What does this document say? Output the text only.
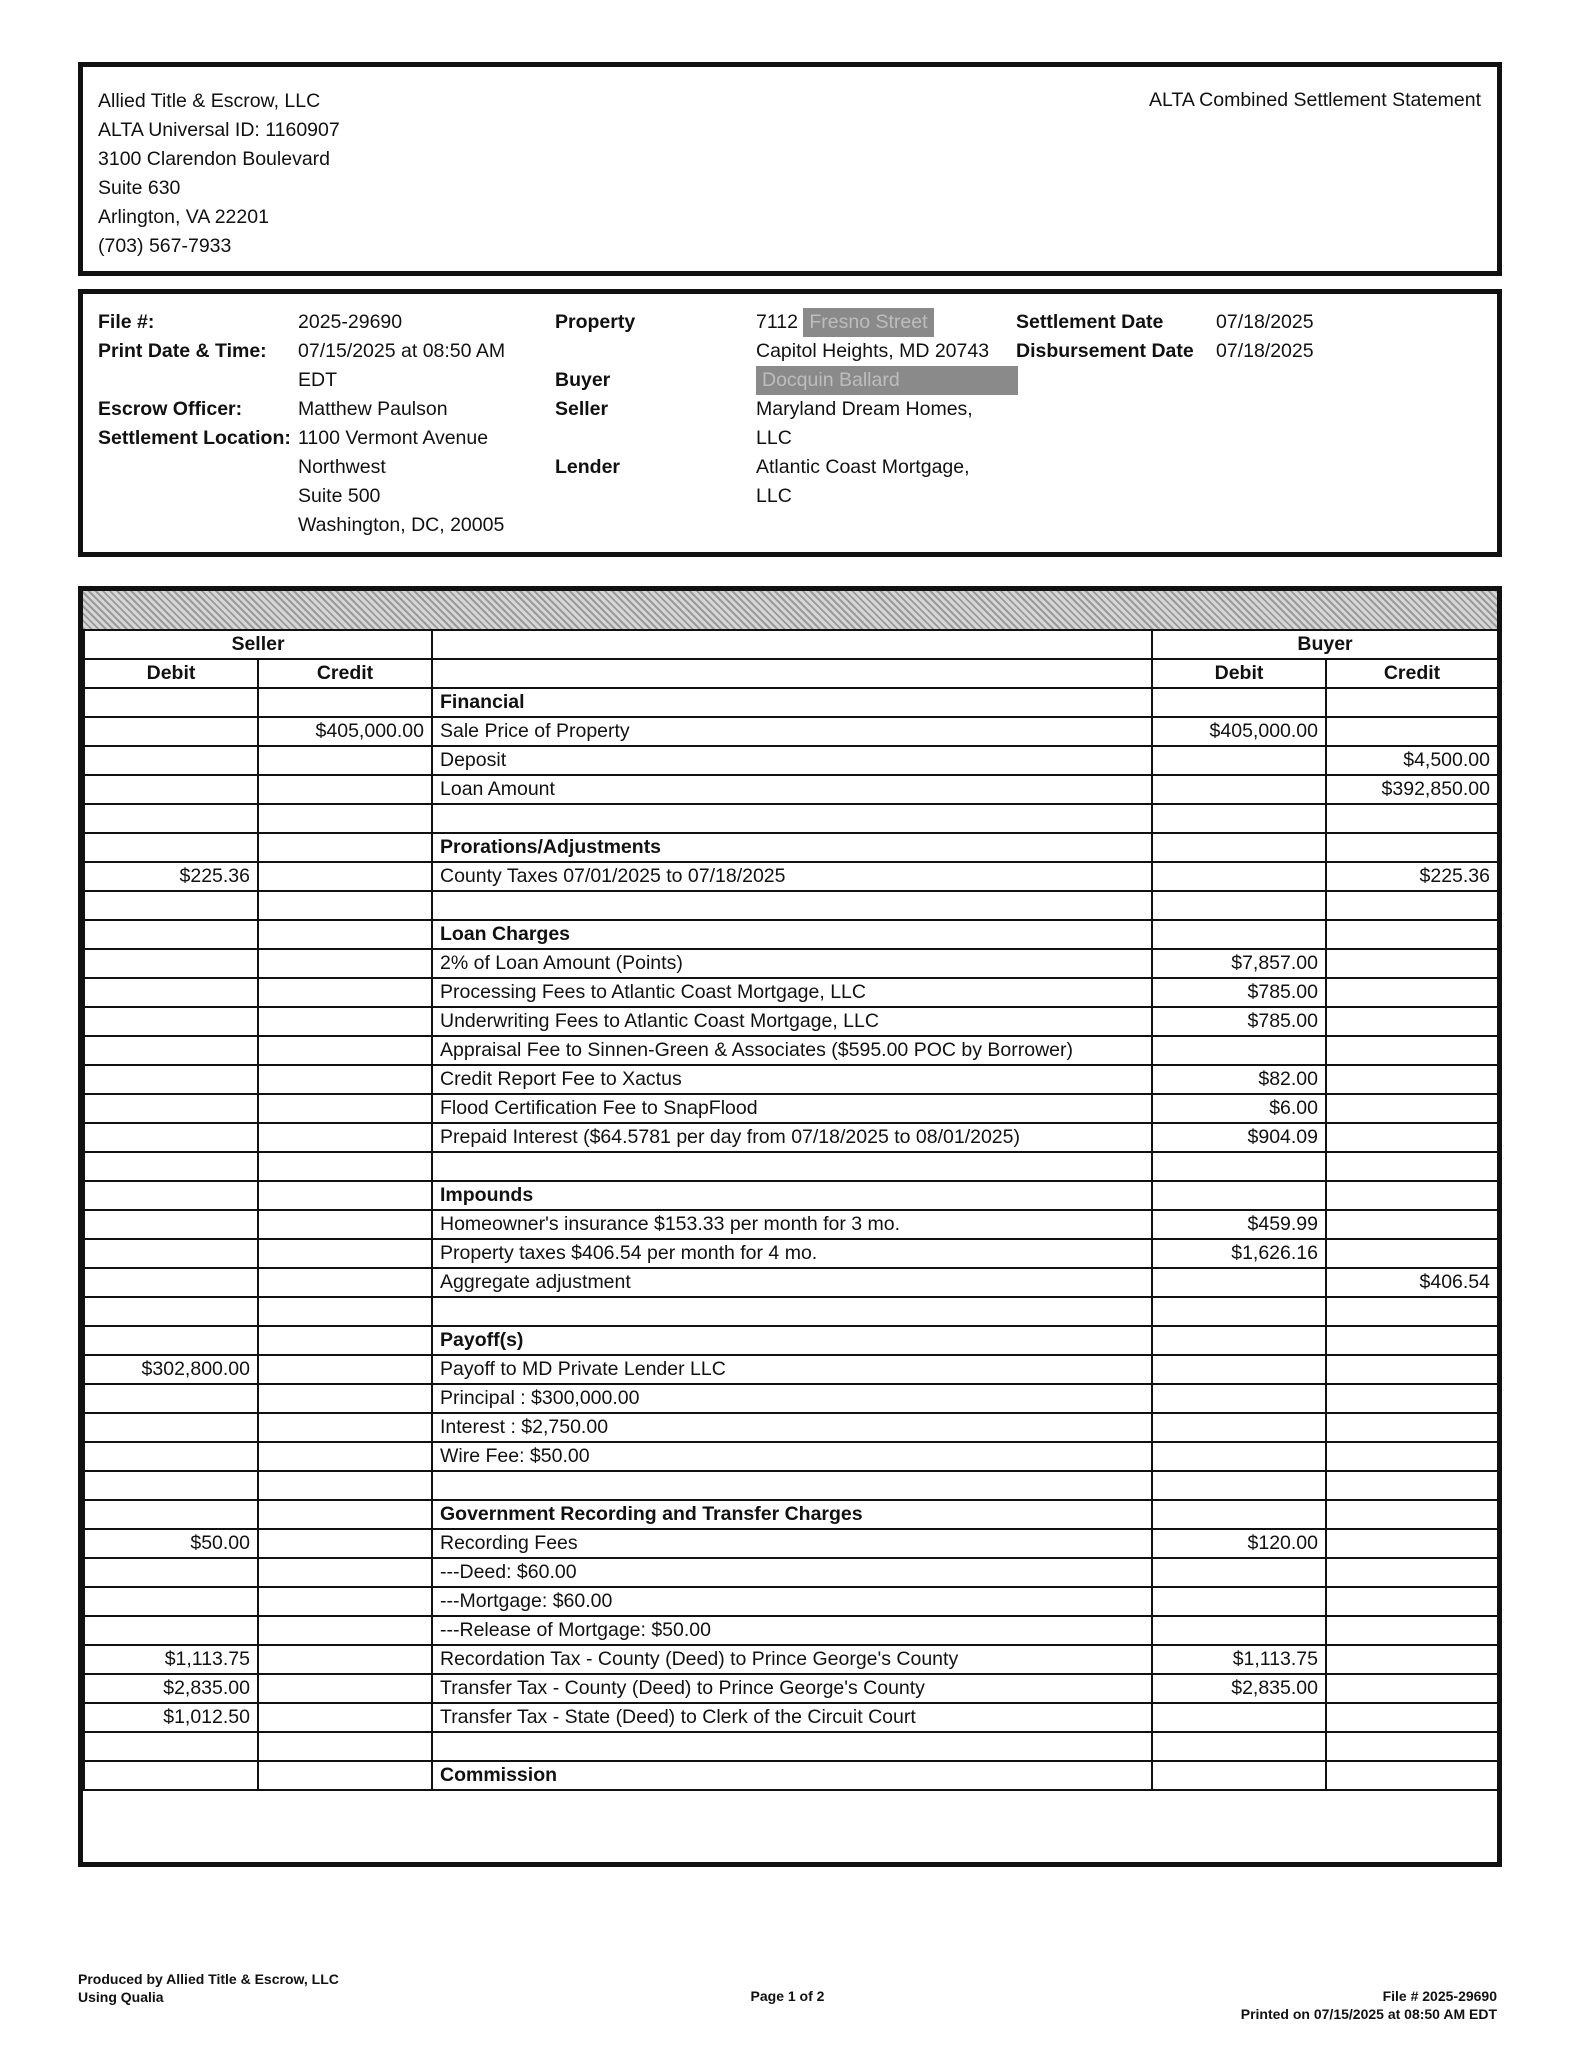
Allied Title & Escrow, LLC
ALTA Universal ID: 1160907
3100 Clarendon Boulevard
Suite 630
Arlington, VA 22201
(703) 567-7933
ALTA Combined Settlement Statement
File #:	2025-29690
Print Date & Time: 07/15/2025 at 08:50 AM
EDT
Escrow Officer:	Matthew Paulson
Settlement Location: 1100 Vermont Avenue
Northwest
Suite 500
Washington, DC, 20005
Property	7112 Fresno Street
Capitol Heights, MD 20743
Buyer	Docquin Ballard
Seller	Maryland Dream Homes,
LLC
Lender	Atlantic Coast Mortgage,
LLC
Settlement Date	07/18/2025
Disbursement Date 07/18/2025
Seller			Buyer	
Debit	Credit		Debit	Credit
		Financial		
	$405,000.00	Sale Price of Property	$405,000.00	
		Deposit		$4,500.00
		Loan Amount		$392,850.00

		Prorations/Adjustments		
$225.36		County Taxes 07/01/2025 to 07/18/2025		$225.36

		Loan Charges		
		2% of Loan Amount (Points)	$7,857.00	
		Processing Fees to Atlantic Coast Mortgage, LLC	$785.00	
		Underwriting Fees to Atlantic Coast Mortgage, LLC	$785.00	
		Appraisal Fee to Sinnen-Green & Associates ($595.00 POC by Borrower)		
		Credit Report Fee to Xactus	$82.00	
		Flood Certification Fee to SnapFlood	$6.00	
		Prepaid Interest ($64.5781 per day from 07/18/2025 to 08/01/2025)	$904.09	

		Impounds		
		Homeowner's insurance $153.33 per month for 3 mo.	$459.99	
		Property taxes $406.54 per month for 4 mo.	$1,626.16	
		Aggregate adjustment		$406.54

		Payoff(s)		
$302,800.00		Payoff to MD Private Lender LLC		
		Principal : $300,000.00		
		Interest : $2,750.00		
		Wire Fee: $50.00		

		Government Recording and Transfer Charges		
$50.00		Recording Fees	$120.00	
		---Deed: $60.00		
		---Mortgage: $60.00		
		---Release of Mortgage: $50.00		
$1,113.75		Recordation Tax - County (Deed) to Prince George's County	$1,113.75	
$2,835.00		Transfer Tax - County (Deed) to Prince George's County	$2,835.00	
$1,012.50		Transfer Tax - State (Deed) to Clerk of the Circuit Court		

		Commission		
Produced by Allied Title & Escrow, LLC
Using Qualia	Page 1 of 2	File # 2025-29690
Printed on 07/15/2025 at 08:50 AM EDT
